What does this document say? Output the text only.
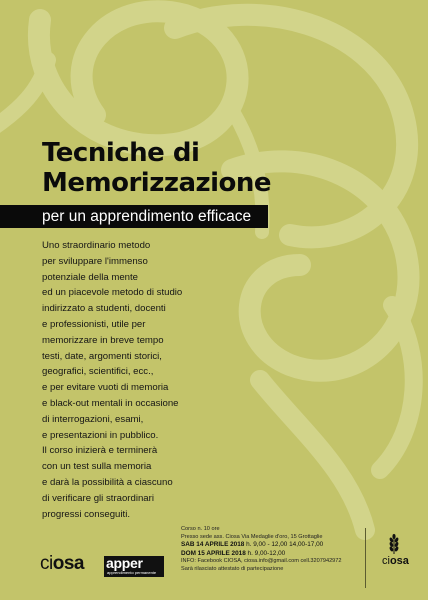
Tecniche di
Memorizzazione
per un apprendimento efficace
Uno straordinario metodo
per sviluppare l'immenso
potenziale della mente
ed un piacevole metodo di studio
indirizzato a studenti, docenti
e professionisti, utile per
memorizzare in breve tempo
testi, date, argomenti storici,
geografici, scientifici, ecc.,
e per evitare vuoti di memoria
e black-out mentali in occasione
di interrogazioni, esami,
e presentazioni in pubblico.
Il corso inizierà e terminerà
con un test sulla memoria
e darà la possibilità a ciascuno
di verificare gli straordinari
progressi conseguiti.
Corso n. 10 ore
Presso sede ass. Ciosa Via Medaglie d'oro, 15 Grottaglie
SAB 14 APRILE 2018 h. 9,00 - 12,00 14,00-17,00
DOM 15 APRILE 2018 h. 9,00-12,00
INFO: Facebook CIOSA, ciosa.info@gmail.com cell.3207942972
Sarà rilasciato attestato di partecipazione
ciosa apper
apprendimento permanente
ciosa
